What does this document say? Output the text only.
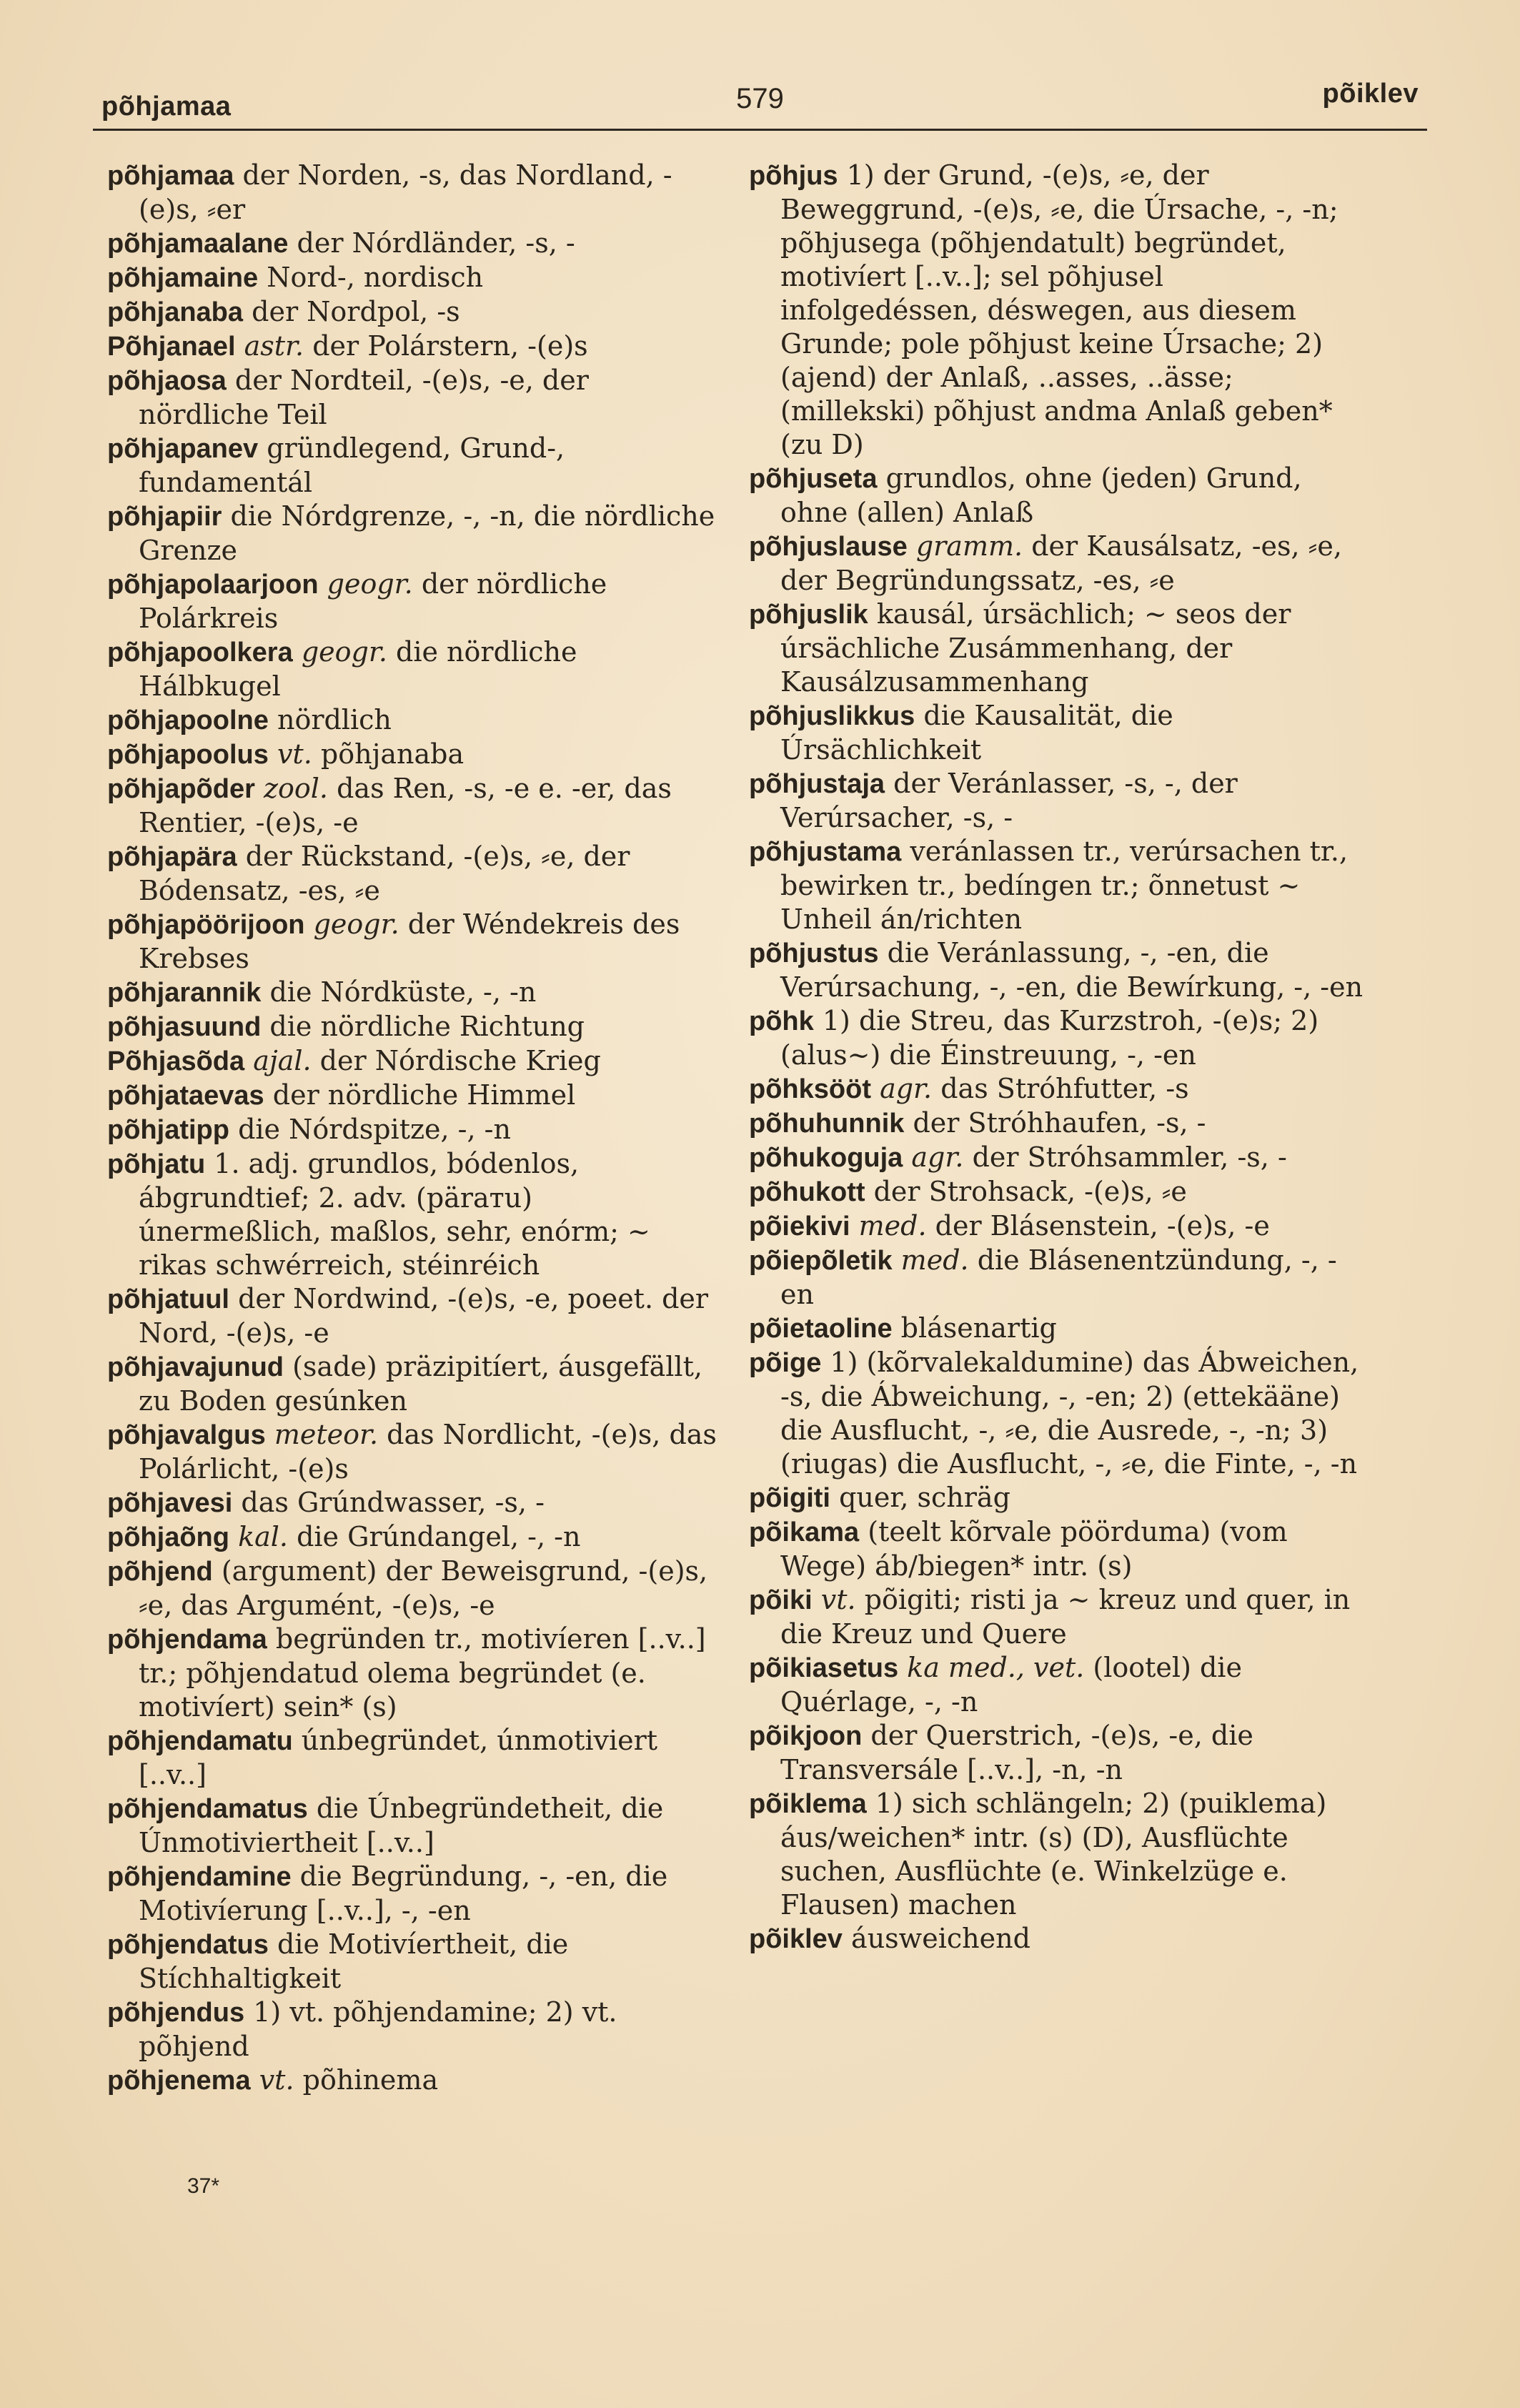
põhjamaa	579	põiklev

põhjamaa der Norden, -s, das Nordland, -(e)s, ⸗er

põhjamaalane der Nórdländer, -s, -

põhjamaine Nord-, nordisch

põhjanaba der Nordpol, -s

Põhjanael astr. der Polárstern, -(e)s

põhjaosa der Nordteil, -(e)s, -e, der nördliche Teil

põhjapanev gründlegend, Grund-, fundamentál

põhjapiir die Nórdgrenze, -, -n, die nördliche Grenze

põhjapolaarjoon geogr. der nördliche Polárkreis

põhjapoolkera geogr. die nördliche Hálbkugel

põhjapoolne nördlich

põhjapoolus vt. põhjanaba

põhjapõder zool. das Ren, -s, -e e. -er, das Rentier, -(e)s, -e

põhjapära der Rückstand, -(e)s, ⸗e, der Bódensatz, -es, ⸗e

põhjapöörijoon geogr. der Wéndekreis des Krebses

põhjarannik die Nórdküste, -, -n

põhjasuund die nördliche Richtung

Põhjasõda ajal. der Nórdische Krieg

põhjataevas der nördliche Himmel

põhjatipp die Nórdspitze, -, -n

põhjatu 1. adj. grundlos, bódenlos, ábgrundtief; 2. adv. (pärатu) únermeßlich, maßlos, sehr, enórm; ~ rikas schwérreich, stéinréich

põhjatuul der Nordwind, -(e)s, -e, poeet. der Nord, -(e)s, -e

põhjavajunud (sade) präzipitíert, áusgefällt, zu Boden gesúnken

põhjavalgus meteor. das Nordlicht, -(e)s, das Polárlicht, -(e)s

põhjavesi das Grúndwasser, -s, -

põhjaõng kal. die Grúndangel, -, -n

põhjend (argument) der Beweisgrund, -(e)s, ⸗e, das Argumént, -(e)s, -e

põhjendama begründen tr., motivíeren [..v..] tr.; põhjendatud olema begründet (e. motivíert) sein* (s)

põhjendamatu únbegründet, únmotiviert [..v..]

põhjendamatus die Únbegründetheit, die Únmotiviertheit [..v..]

põhjendamine die Begründung, -, -en, die Motivíerung [..v..], -, -en

põhjendatus die Motivíertheit, die Stíchhaltigkeit

põhjendus 1) vt. põhjendamine; 2) vt. põhjend

põhjenema vt. põhinema

põhjus 1) der Grund, -(e)s, ⸗e, der Beweggrund, -(e)s, ⸗e, die Úrsache, -, -n; põhjusega (põhjendatult) begründet, motivíert [..v..]; sel põhjusel infolgedéssen, déswegen, aus diesem Grunde; pole põhjust keine Úrsache; 2) (ajend) der Anlaß, ..asses, ..ässe; (millekski) põhjust andma Anlaß geben* (zu D)

põhjuseta grundlos, ohne (jeden) Grund, ohne (allen) Anlaß

põhjuslause gramm. der Kausálsatz, -es, ⸗e, der Begründungssatz, -es, ⸗e

põhjuslik kausál, úrsächlich; ~ seos der úrsächliche Zusámmenhang, der Kausálzusammenhang

põhjuslikkus die Kausalität, die Úrsächlichkeit

põhjustaja der Veránlasser, -s, -, der Verúrsacher, -s, -

põhjustama veránlassen tr., verúrsachen tr., bewirken tr., bedíngen tr.; õnnetust ~ Unheil án/richten

põhjustus die Veránlassung, -, -en, die Verúrsachung, -, -en, die Bewírkung, -, -en

põhk 1) die Streu, das Kurzstroh, -(e)s; 2) (alus~) die Éinstreuung, -, -en

põhksööt agr. das Stróhfutter, -s

põhuhunnik der Stróhhaufen, -s, -

põhukoguja agr. der Stróhsammler, -s, -

põhukott der Strohsack, -(e)s, ⸗e

põiekivi med. der Blásenstein, -(e)s, -e

põiepõletik med. die Blásenentzündung, -, -en

põietaoline blásenartig

põige 1) (kõrvalekaldumine) das Ábweichen, -s, die Ábweichung, -, -en; 2) (ettekääne) die Ausflucht, -, ⸗e, die Ausrede, -, -n; 3) (riugas) die Ausflucht, -, ⸗e, die Finte, -, -n

põigiti quer, schräg

põikama (teelt kõrvale pöörduma) (vom Wege) áb/biegen* intr. (s)

põiki vt. põigiti; risti ja ~ kreuz und quer, in die Kreuz und Quere

põikiasetus ka med., vet. (lootel) die Quérlage, -, -n

põikjoon der Querstrich, -(e)s, -e, die Transversále [..v..], -n, -n

põiklema 1) sich schlängeln; 2) (puiklema) áus/weichen* intr. (s) (D), Ausflüchte suchen, Ausflüchte (e. Winkelzüge e. Flausen) machen

põiklev áusweichend

37*
